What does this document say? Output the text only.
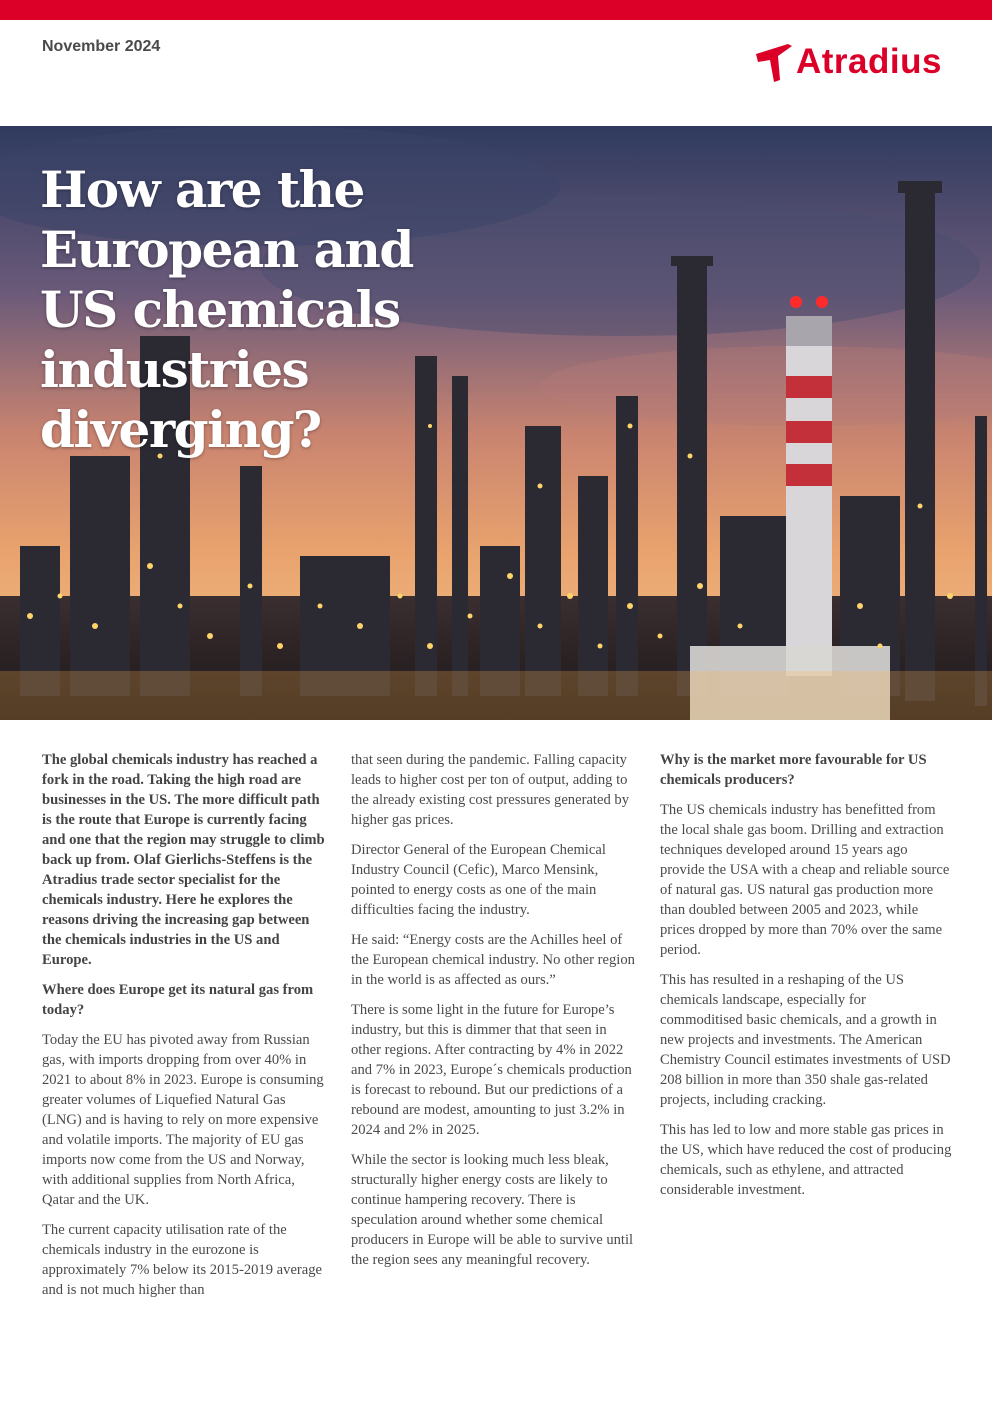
November 2024	Atradius
How are the
European and
US chemicals
industries
diverging?

The global chemicals industry has reached a fork in the road. Taking the high road are businesses in the US. The more difficult path is the route that Europe is currently facing and one that the region may struggle to climb back up from. Olaf Gierlichs-Steffens is the Atradius trade sector specialist for the chemicals industry. Here he explores the reasons driving the increasing gap between the chemicals industries in the US and Europe.

Where does Europe get its natural gas from today?

Today the EU has pivoted away from Russian gas, with imports dropping from over 40% in 2021 to about 8% in 2023. Europe is consuming greater volumes of Liquefied Natural Gas (LNG) and is having to rely on more expensive and volatile imports. The majority of EU gas imports now come from the US and Norway, with additional supplies from North Africa, Qatar and the UK.

The current capacity utilisation rate of the chemicals industry in the eurozone is approximately 7% below its 2015-2019 average and is not much higher than

that seen during the pandemic. Falling capacity leads to higher cost per ton of output, adding to the already existing cost pressures generated by higher gas prices.

Director General of the European Chemical Industry Council (Cefic), Marco Mensink, pointed to energy costs as one of the main difficulties facing the industry.

He said: “Energy costs are the Achilles heel of the European chemical industry. No other region in the world is as affected as ours.”

There is some light in the future for Europe’s industry, but this is dimmer that that seen in other regions. After contracting by 4% in 2022 and 7% in 2023, Europe´s chemicals production is forecast to rebound. But our predictions of a rebound are modest, amounting to just 3.2% in 2024 and 2% in 2025.

While the sector is looking much less bleak, structurally higher energy costs are likely to continue hampering recovery. There is speculation around whether some chemical producers in Europe will be able to survive until the region sees any meaningful recovery.

Why is the market more favourable for US chemicals producers?

The US chemicals industry has benefitted from the local shale gas boom. Drilling and extraction techniques developed around 15 years ago provide the USA with a cheap and reliable source of natural gas. US natural gas production more than doubled between 2005 and 2023, while prices dropped by more than 70% over the same period.

This has resulted in a reshaping of the US chemicals landscape, especially for commoditised basic chemicals, and a growth in new projects and investments. The American Chemistry Council estimates investments of USD 208 billion in more than 350 shale gas-related projects, including cracking.

This has led to low and more stable gas prices in the US, which have reduced the cost of producing chemicals, such as ethylene, and attracted considerable investment.
